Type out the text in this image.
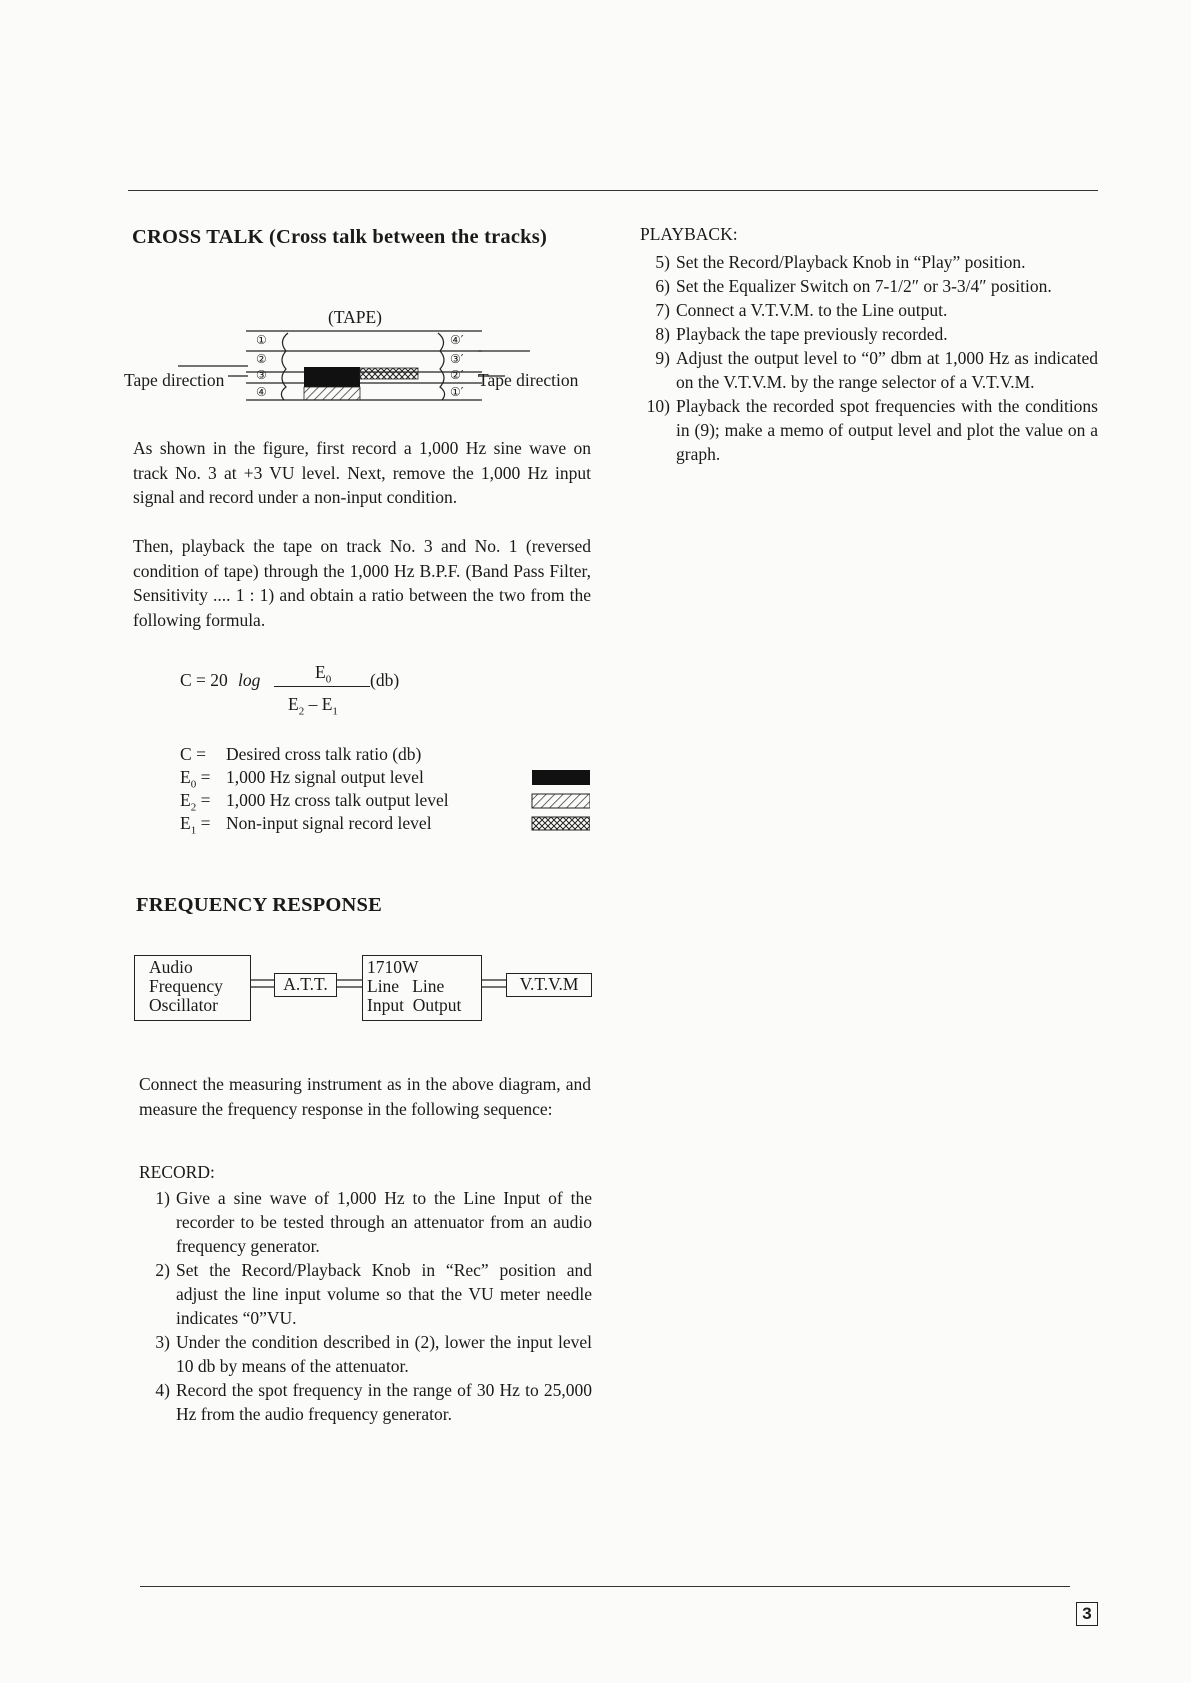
CROSS TALK (Cross talk between the tracks)
(TAPE)
①
②
③
④
④′
③′
②′
①′
Tape direction	Tape direction
As shown in the figure, first record a 1,000 Hz sine wave on track No. 3 at +3 VU level. Next, remove the 1,000 Hz input signal and record under a non-input condition.
Then, playback the tape on track No. 3 and No. 1 (reversed condition of tape) through the 1,000 Hz B.P.F. (Band Pass Filter, Sensitivity .... 1 : 1) and obtain a ratio between the two from the following formula.
C = 20 log	$E_0$ (db)
$E_2 - E_1$
C = Desired cross talk ratio (db)
$E_0 = 1,000$ Hz signal output level
$E_2 = 1,000$ Hz cross talk output level
$E_1$ = Non-input signal record level
FREQUENCY RESPONSE
Audio
Frequency
Oscillator
A.T.T.
1710W
Line   Line
Input  Output
V.T.V.M
Connect the measuring instrument as in the above diagram, and measure the frequency response in the following sequence:
RECORD:
1) Give a sine wave of 1,000 Hz to the Line Input of the recorder to be tested through an attenuator from an audio frequency generator.
2) Set the Record/Playback Knob in “Rec” position and adjust the line input volume so that the VU meter needle indicates “0”VU.
3) Under the condition described in (2), lower the input level 10 db by means of the attenuator.
4) Record the spot frequency in the range of 30 Hz to 25,000 Hz from the audio frequency generator.
PLAYBACK:
5) Set the Record/Playback Knob in “Play” position.
6) Set the Equalizer Switch on 7-1/2″ or 3-3/4″ position.
7) Connect a V.T.V.M. to the Line output.
8) Playback the tape previously recorded.
9) Adjust the output level to “0” dbm at 1,000 Hz as indicated on the V.T.V.M. by the range selector of a V.T.V.M.
10) Playback the recorded spot frequencies with the conditions in (9); make a memo of output level and plot the value on a graph.
3
